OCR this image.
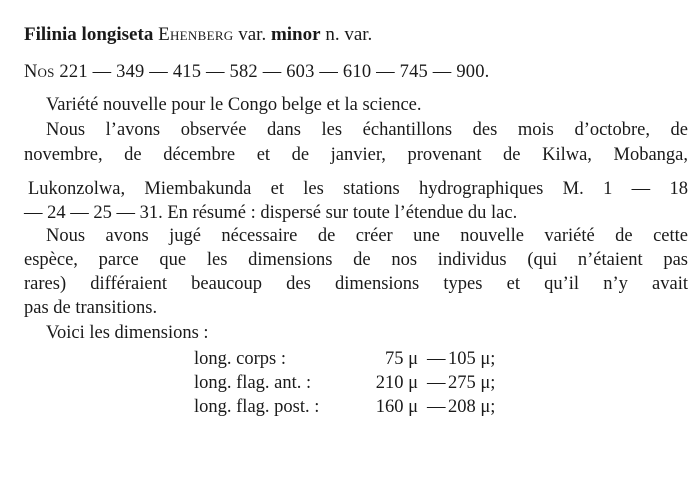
Filinia longiseta Ehenberg var. minor n. var.
Nos 221 — 349 — 415 — 582 — 603 — 610 — 745 — 900.
Variété nouvelle pour le Congo belge et la science.
Nous l’avons observée dans les échantillons des mois d’octobre, de
novembre, de décembre et de janvier, provenant de Kilwa, Mobanga,
Lukonzolwa, Miembakunda et les stations hydrographiques M. 1 — 18
— 24 — 25 — 31. En résumé : dispersé sur toute l’étendue du lac.
Nous avons jugé nécessaire de créer une nouvelle variété de cette
espèce, parce que les dimensions de nos individus (qui n’étaient pas
rares) différaient beaucoup des dimensions types et qu’il n’y avait
pas de transitions.
Voici les dimensions :
long. corps :	75 μ — 105 μ;
long. flag. ant. :	210 μ — 275 μ;
long. flag. post. :	160 μ — 208 μ;
